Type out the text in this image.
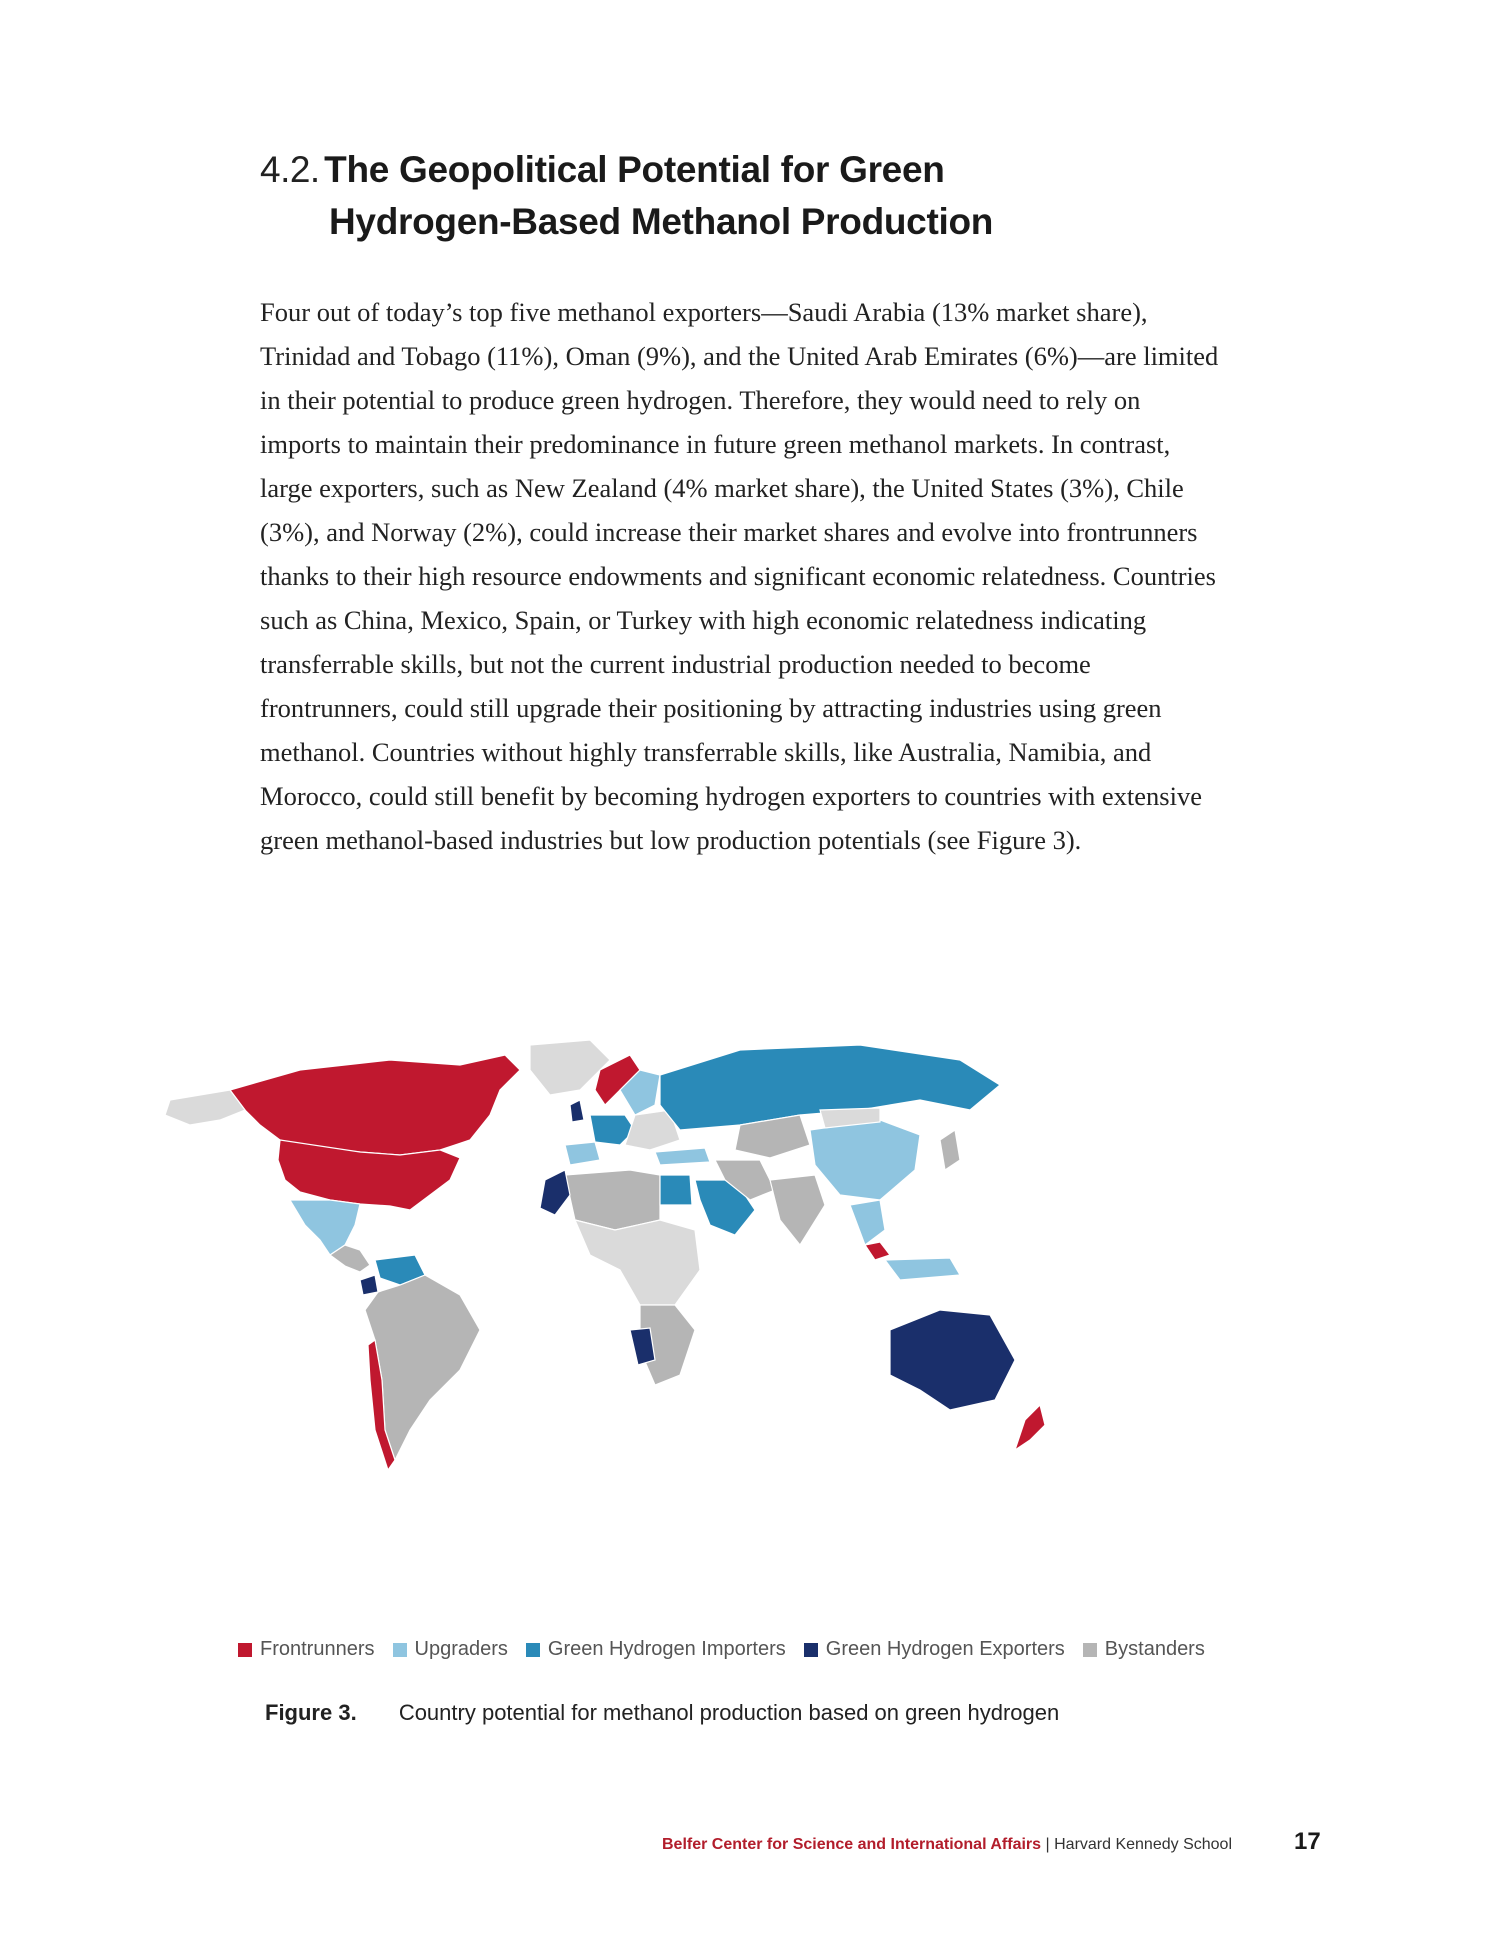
4.2. The Geopolitical Potential for Green
Hydrogen-Based Methanol Production

Four out of today’s top five methanol exporters—Saudi Arabia (13% market share), Trinidad and Tobago (11%), Oman (9%), and the United Arab Emirates (6%)—are limited in their potential to produce green hydrogen. Therefore, they would need to rely on imports to maintain their predominance in future green methanol markets. In contrast, large exporters, such as New Zealand (4% market share), the United States (3%), Chile (3%), and Norway (2%), could increase their market shares and evolve into frontrunners thanks to their high resource endowments and significant economic relatedness. Countries such as China, Mexico, Spain, or Turkey with high economic relatedness indicating transferrable skills, but not the current industrial production needed to become frontrunners, could still upgrade their positioning by attracting industries using green methanol. Countries without highly transferrable skills, like Australia, Namibia, and Morocco, could still benefit by becoming hydrogen exporters to countries with extensive green methanol-based industries but low production potentials (see Figure 3).

Frontrunners Upgraders Green Hydrogen Importers Green Hydrogen Exporters Bystanders
Figure 3. Country potential for methanol production based on green hydrogen
Belfer Center for Science and International Affairs | Harvard Kennedy School	17
